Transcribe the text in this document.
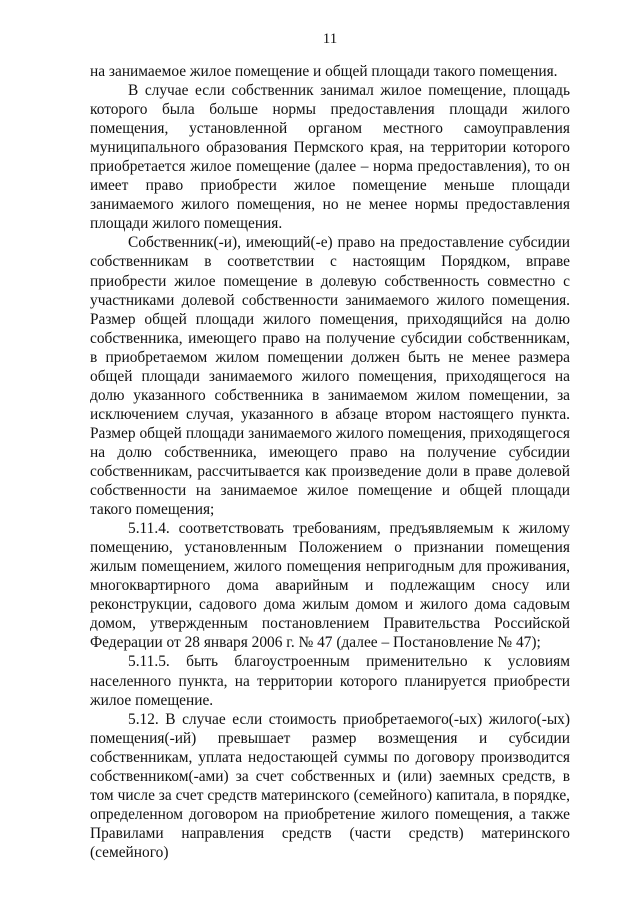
11

на занимаемое жилое помещение и общей площади такого помещения.

В случае если собственник занимал жилое помещение, площадь которого была больше нормы предоставления площади жилого помещения, установленной органом местного самоуправления муниципального образования Пермского края, на территории которого приобретается жилое помещение (далее – норма предоставления), то он имеет право приобрести жилое помещение меньше площади занимаемого жилого помещения, но не менее нормы предоставления площади жилого помещения.

Собственник(-и), имеющий(-е) право на предоставление субсидии собственникам в соответствии с настоящим Порядком, вправе приобрести жилое помещение в долевую собственность совместно с участниками долевой собственности занимаемого жилого помещения. Размер общей площади жилого помещения, приходящийся на долю собственника, имеющего право на получение субсидии собственникам, в приобретаемом жилом помещении должен быть не менее размера общей площади занимаемого жилого помещения, приходящегося на долю указанного собственника в занимаемом жилом помещении, за исключением случая, указанного в абзаце втором настоящего пункта. Размер общей площади занимаемого жилого помещения, приходящегося на долю собственника, имеющего право на получение субсидии собственникам, рассчитывается как произведение доли в праве долевой собственности на занимаемое жилое помещение и общей площади такого помещения;

5.11.4. соответствовать требованиям, предъявляемым к жилому помещению, установленным Положением о признании помещения жилым помещением, жилого помещения непригодным для проживания, многоквартирного дома аварийным и подлежащим сносу или реконструкции, садового дома жилым домом и жилого дома садовым домом, утвержденным постановлением Правительства Российской Федерации от 28 января 2006 г. № 47 (далее – Постановление № 47);

5.11.5. быть благоустроенным применительно к условиям населенного пункта, на территории которого планируется приобрести жилое помещение.

5.12. В случае если стоимость приобретаемого(-ых) жилого(-ых) помещения(-ий) превышает размер возмещения и субсидии собственникам, уплата недостающей суммы по договору производится собственником(-ами) за счет собственных и (или) заемных средств, в том числе за счет средств материнского (семейного) капитала, в порядке, определенном договором на приобретение жилого помещения, а также Правилами направления средств (части средств) материнского (семейного)
